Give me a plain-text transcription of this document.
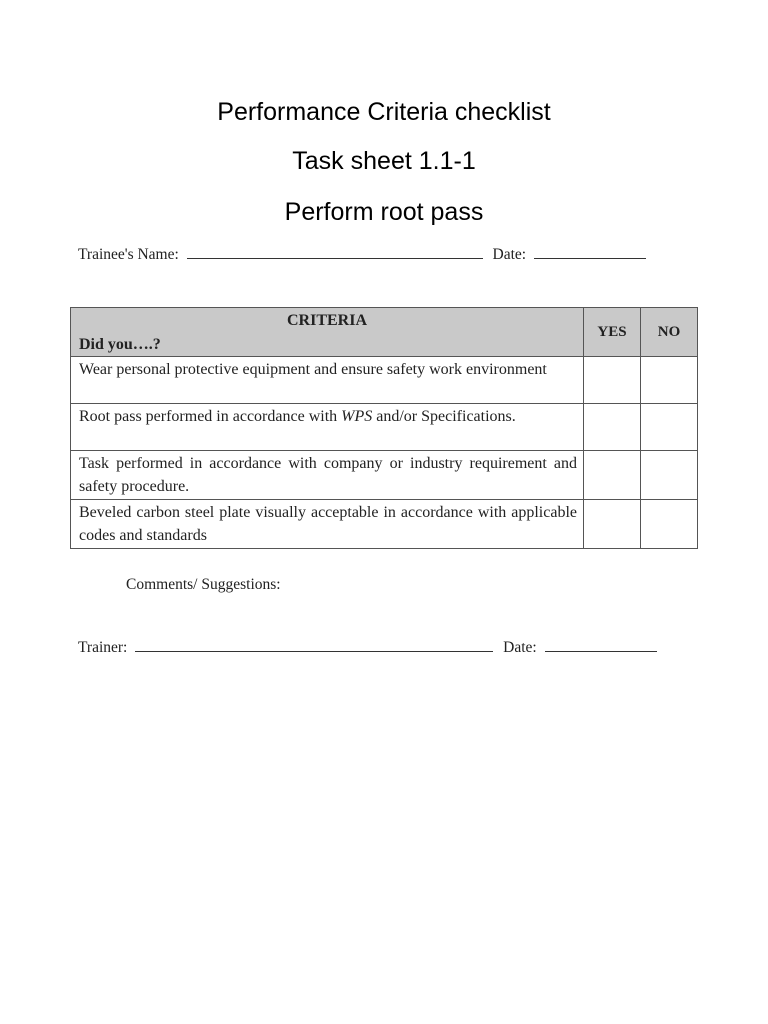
Performance Criteria checklist
Task sheet 1.1-1
Perform root pass
Trainee's Name:	Date:
CRITERIA
Did you….?	YES	NO
Wear personal protective equipment and ensure safety work environment		
Root pass performed in accordance with WPS and/or Specifications.		
Task performed in accordance with company or industry requirement and safety procedure.		
Beveled carbon steel plate visually acceptable in accordance with applicable codes and standards		
Comments/ Suggestions:
Trainer:	Date:
